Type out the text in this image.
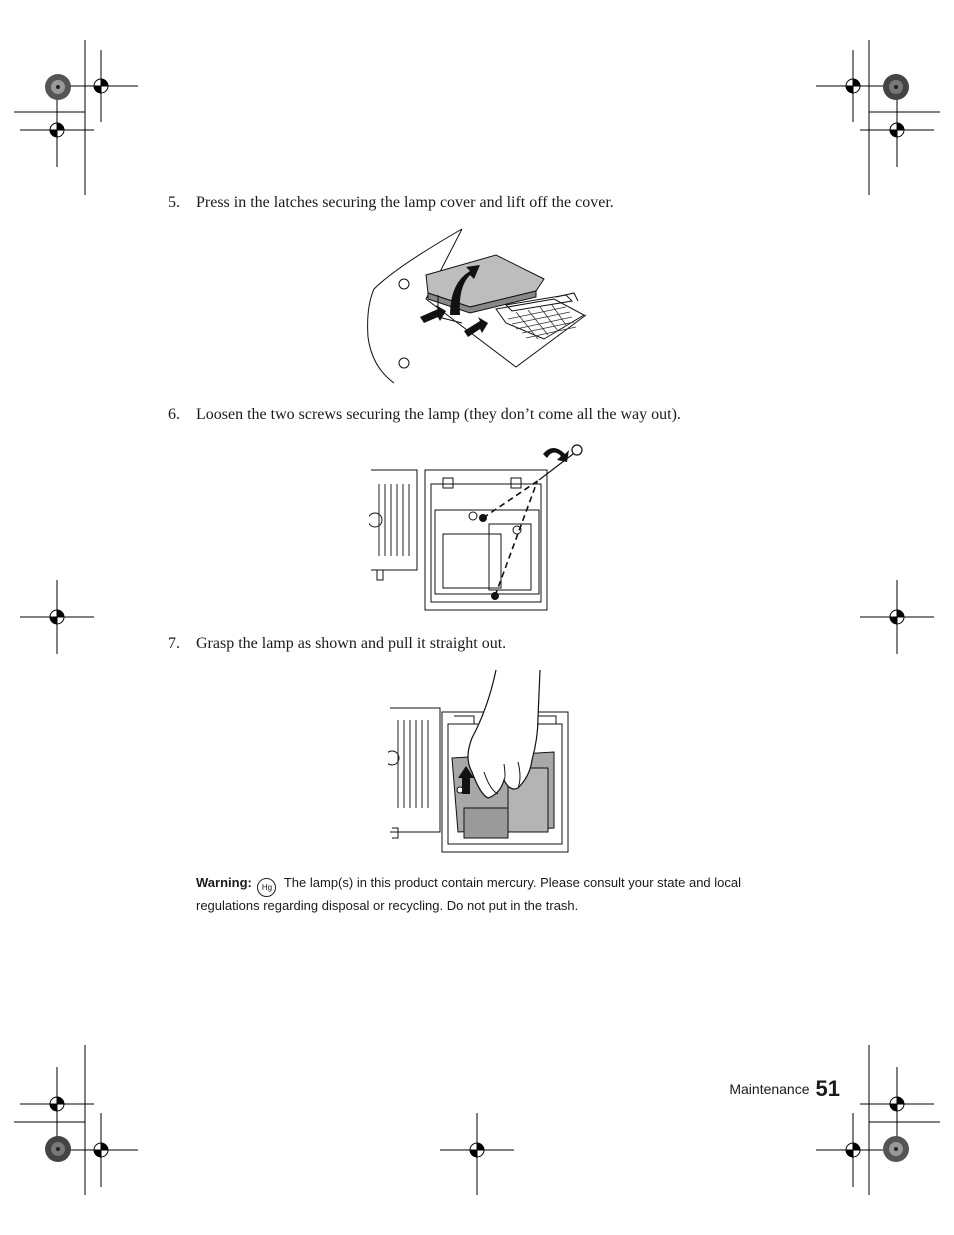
5. Press in the latches securing the lamp cover and lift off the cover.
6. Loosen the two screws securing the lamp (they don’t come all the way out).
7. Grasp the lamp as shown and pull it straight out.
Warning: Hg The lamp(s) in this product contain mercury. Please consult your state and local regulations regarding disposal or recycling. Do not put in the trash.
Maintenance 51
